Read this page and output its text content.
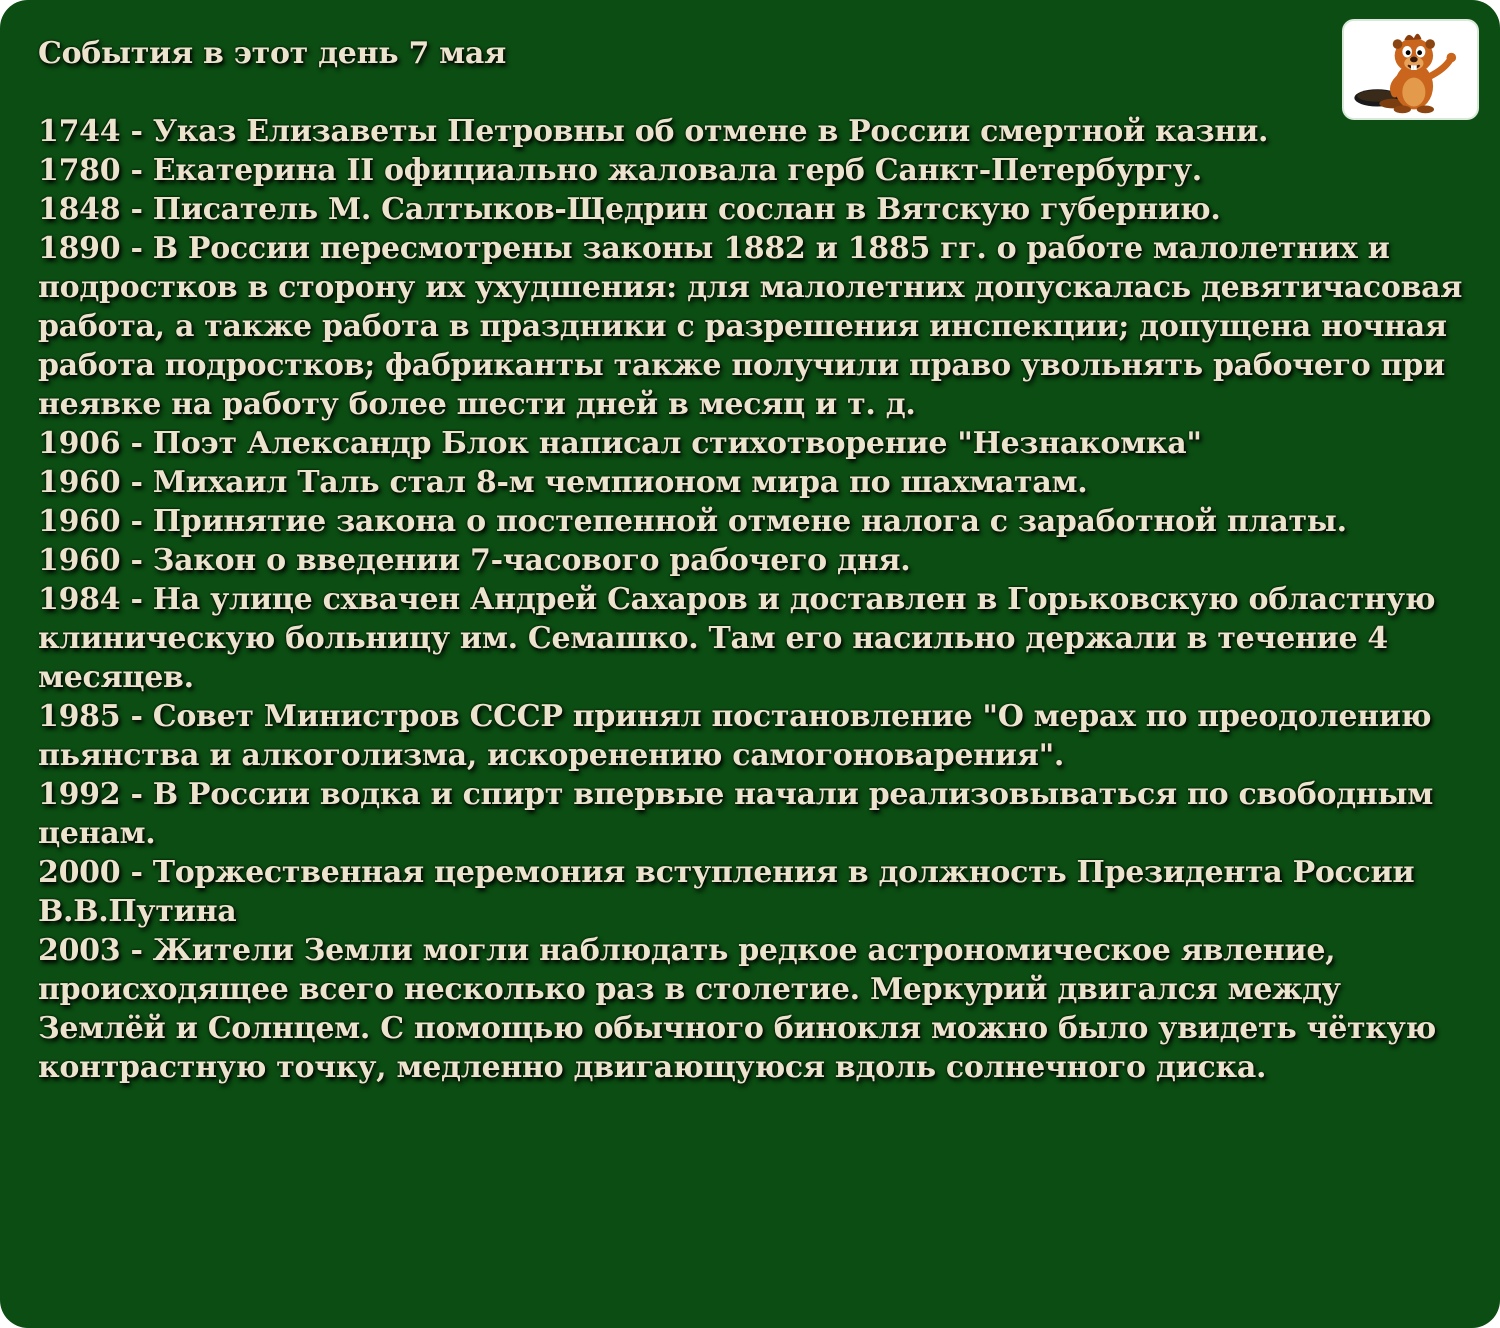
События в этот день 7 мая

1744 - Указ Елизаветы Петровны об отмене в России смертной казни.

1780 - Екатерина II официально жаловала герб Санкт-Петербургу.

1848 - Писатель М. Салтыков-Щедрин сослан в Вятскую губернию.

1890 - В России пересмотрены законы 1882 и 1885 гг. о работе малолетних и подростков в сторону их ухудшения: для малолетних допускалась девятичасовая работа, а также работа в праздники с разрешения инспекции; допущена ночная работа подростков; фабриканты также получили право увольнять рабочего при неявке на работу более шести дней в месяц и т. д.

1906 - Поэт Александр Блок написал стихотворение "Незнакомка"

1960 - Михаил Таль стал 8-м чемпионом мира по шахматам.

1960 - Принятие закона о постепенной отмене налога с заработной платы.

1960 - Закон о введении 7-часового рабочего дня.

1984 - На улице схвачен Андрей Сахаров и доставлен в Горьковскую областную клиническую больницу им. Семашко. Там его насильно держали в течение 4 месяцев.

1985 - Совет Министров СССР принял постановление "О мерах по преодолению пьянства и алкоголизма, искоренению самогоноварения".

1992 - В России водка и спирт впервые начали реализовываться по свободным ценам.

2000 - Торжественная церемония вступления в должность Президента России В.В.Путина

2003 - Жители Земли могли наблюдать редкое астрономическое явление, происходящее всего несколько раз в столетие. Меркурий двигался между Землёй и Солнцем. С помощью обычного бинокля можно было увидеть чёткую контрастную точку, медленно двигающуюся вдоль солнечного диска.
